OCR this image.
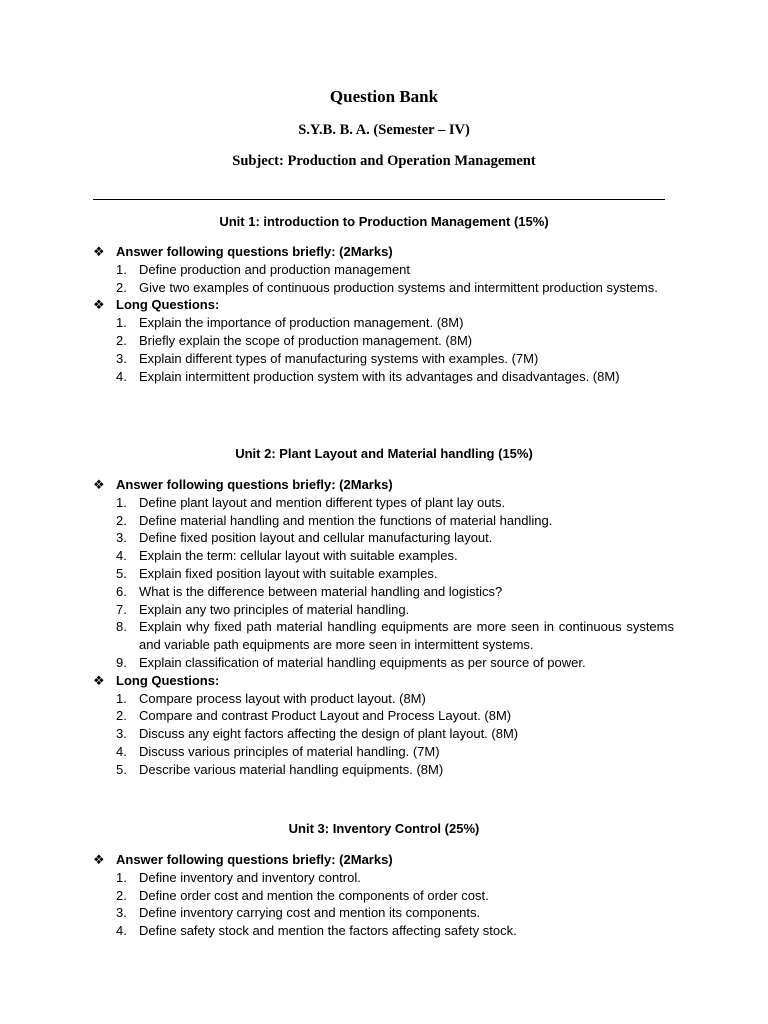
Question Bank
S.Y.B. B. A. (Semester – IV)
Subject: Production and Operation Management
Unit 1: introduction to Production Management (15%)
❖ Answer following questions briefly: (2Marks)
1. Define production and production management
2. Give two examples of continuous production systems and intermittent production systems.
❖ Long Questions:
1. Explain the importance of production management. (8M)
2. Briefly explain the scope of production management. (8M)
3. Explain different types of manufacturing systems with examples. (7M)
4. Explain intermittent production system with its advantages and disadvantages. (8M)
Unit 2: Plant Layout and Material handling (15%)
❖ Answer following questions briefly: (2Marks)
1. Define plant layout and mention different types of plant lay outs.
2. Define material handling and mention the functions of material handling.
3. Define fixed position layout and cellular manufacturing layout.
4. Explain the term: cellular layout with suitable examples.
5. Explain fixed position layout with suitable examples.
6. What is the difference between material handling and logistics?
7. Explain any two principles of material handling.
8. Explain why fixed path material handling equipments are more seen in continuous systems and variable path equipments are more seen in intermittent systems.
9. Explain classification of material handling equipments as per source of power.
❖ Long Questions:
1. Compare process layout with product layout. (8M)
2. Compare and contrast Product Layout and Process Layout. (8M)
3. Discuss any eight factors affecting the design of plant layout. (8M)
4. Discuss various principles of material handling. (7M)
5. Describe various material handling equipments. (8M)
Unit 3: Inventory Control (25%)
❖ Answer following questions briefly: (2Marks)
1. Define inventory and inventory control.
2. Define order cost and mention the components of order cost.
3. Define inventory carrying cost and mention its components.
4. Define safety stock and mention the factors affecting safety stock.
